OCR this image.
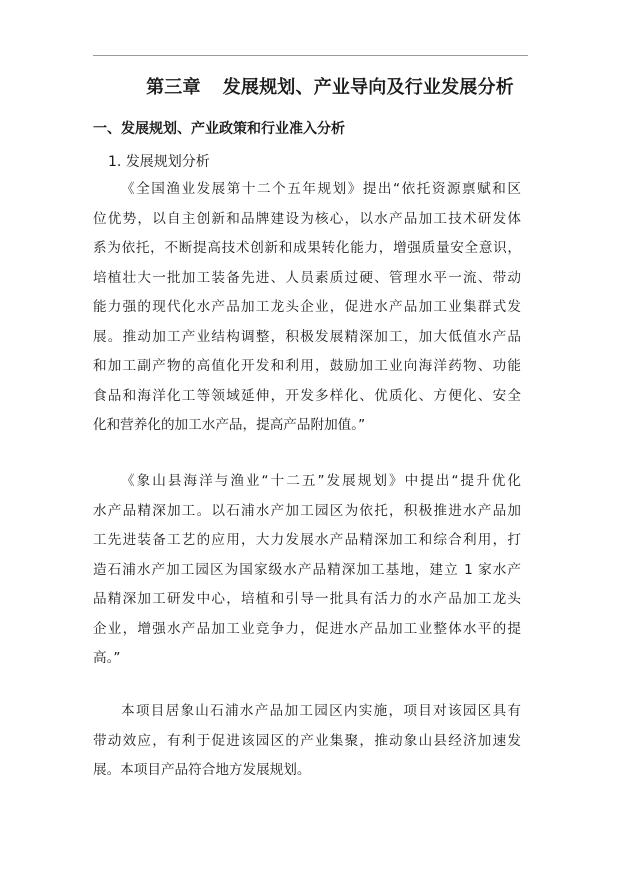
第三章 发展规划、产业导向及行业发展分析
一、发展规划、产业政策和行业准入分析
1. 发展规划分析
《全国渔业发展第十二个五年规划》提出“依托资源禀赋和区
位优势，以自主创新和品牌建设为核心，以水产品加工技术研发体
系为依托，不断提高技术创新和成果转化能力，增强质量安全意识，
培植壮大一批加工装备先进、人员素质过硬、管理水平一流、带动
能力强的现代化水产品加工龙头企业，促进水产品加工业集群式发
展。推动加工产业结构调整，积极发展精深加工，加大低值水产品
和加工副产物的高值化开发和利用，鼓励加工业向海洋药物、功能
食品和海洋化工等领域延伸，开发多样化、优质化、方便化、安全
化和营养化的加工水产品，提高产品附加值。”
《象山县海洋与渔业“十二五”发展规划》中提出“提升优化
水产品精深加工。以石浦水产加工园区为依托，积极推进水产品加
工先进装备工艺的应用，大力发展水产品精深加工和综合利用，打
造石浦水产加工园区为国家级水产品精深加工基地，建立 1 家水产
品精深加工研发中心，培植和引导一批具有活力的水产品加工龙头
企业，增强水产品加工业竞争力，促进水产品加工业整体水平的提
高。”
本项目居象山石浦水产品加工园区内实施，项目对该园区具有
带动效应，有利于促进该园区的产业集聚，推动象山县经济加速发
展。本项目产品符合地方发展规划。
